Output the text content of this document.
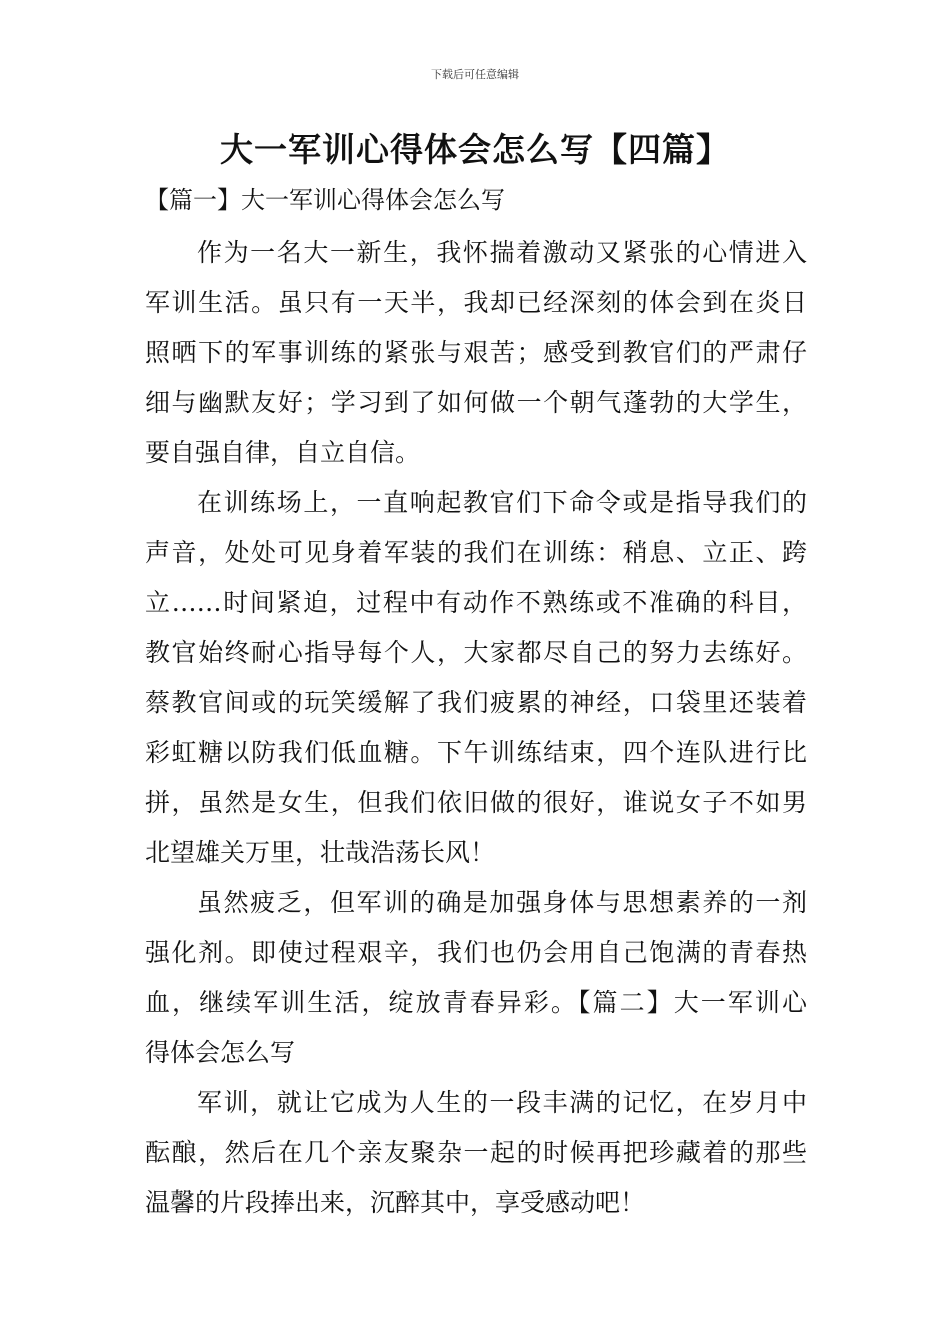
下载后可任意编辑
大一军训心得体会怎么写【四篇】
【篇一】大一军训心得体会怎么写
作为一名大一新生，我怀揣着激动又紧张的心情进入
军训生活。虽只有一天半，我却已经深刻的体会到在炎日
照晒下的军事训练的紧张与艰苦；感受到教官们的严肃仔
细与幽默友好；学习到了如何做一个朝气蓬勃的大学生，
要自强自律，自立自信。
在训练场上，一直响起教官们下命令或是指导我们的
声音，处处可见身着军装的我们在训练：稍息、立正、跨
立……时间紧迫，过程中有动作不熟练或不准确的科目，
教官始终耐心指导每个人，大家都尽自己的努力去练好。
蔡教官间或的玩笑缓解了我们疲累的神经，口袋里还装着
彩虹糖以防我们低血糖。下午训练结束，四个连队进行比
拼，虽然是女生，但我们依旧做的很好，谁说女子不如男
北望雄关万里，壮哉浩荡长风！
虽然疲乏，但军训的确是加强身体与思想素养的一剂
强化剂。即使过程艰辛，我们也仍会用自己饱满的青春热
血，继续军训生活，绽放青春异彩。【篇二】大一军训心
得体会怎么写
军训，就让它成为人生的一段丰满的记忆，在岁月中
酝酿，然后在几个亲友聚杂一起的时候再把珍藏着的那些
温馨的片段捧出来，沉醉其中，享受感动吧！
